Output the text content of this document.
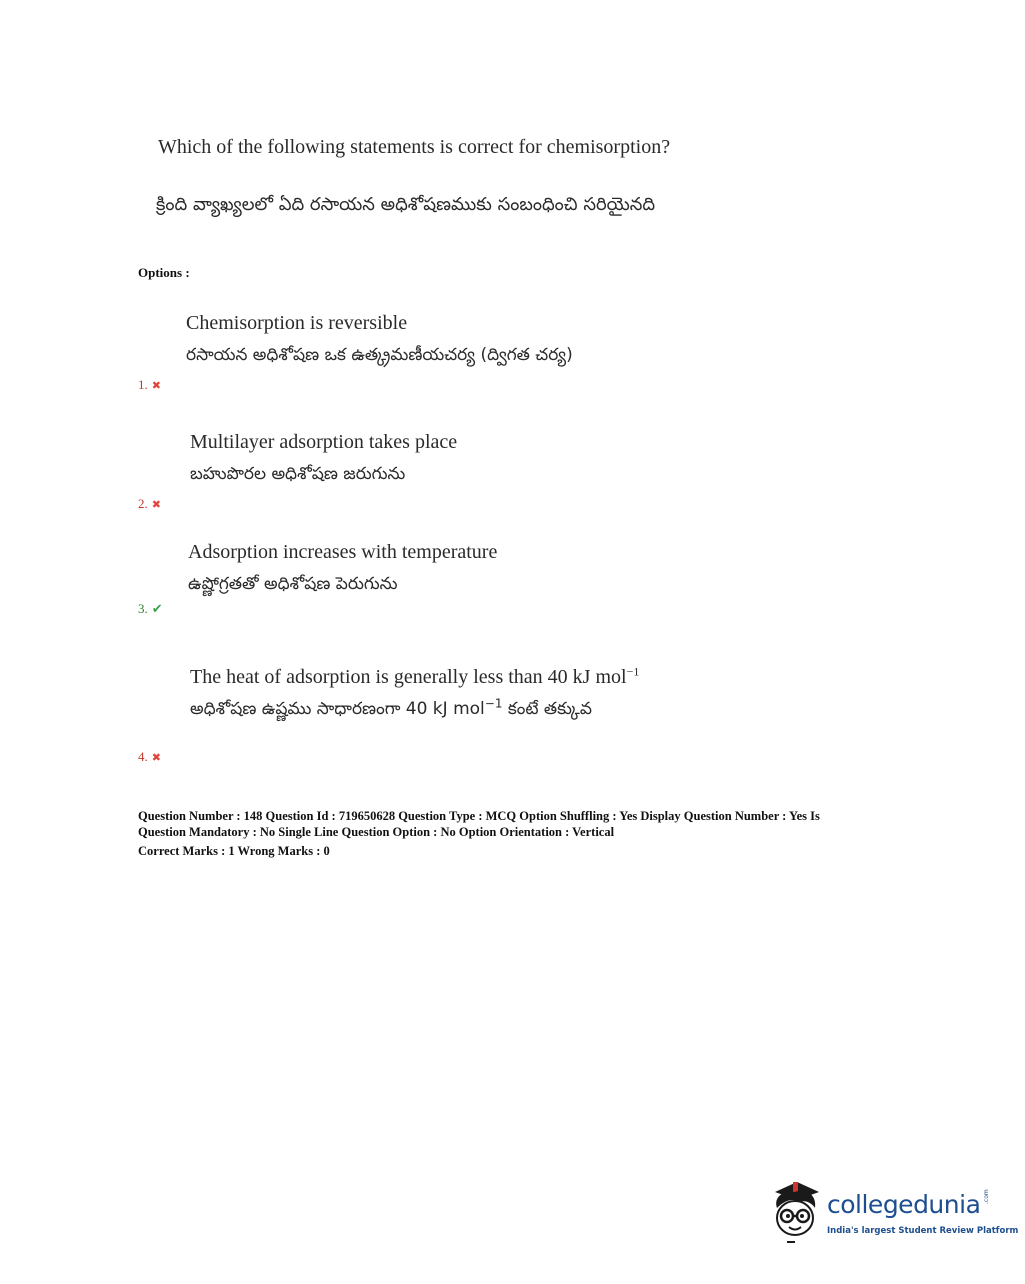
Which of the following statements is correct for chemisorption?
క్రింది వ్యాఖ్యలలో ఏది రసాయన అధిశోషణముకు సంబంధించి సరియైనది
Options :
Chemisorption is reversible
రసాయన అధిశోషణ ఒక ఉత్క్రమణీయచర్య (ద్విగత చర్య)
1. ✖
Multilayer adsorption takes place
బహుపొరల అధిశోషణ జరుగును
2. ✖
Adsorption increases with temperature
ఉష్ణోగ్రతతో అధిశోషణ పెరుగును
3. ✔
The heat of adsorption is generally less than 40 kJ mol$^{-1}$
అధిశోషణ ఉష్ణము సాధారణంగా 40 kJ mol$^{-1}$ కంటే తక్కువ
4. ✖
Question Number : 148 Question Id : 719650628 Question Type : MCQ Option Shuffling : Yes Display Question Number : Yes Is
Question Mandatory : No Single Line Question Option : No Option Orientation : Vertical
Correct Marks : 1 Wrong Marks : 0
collegedunia .com
India's largest Student Review Platform
